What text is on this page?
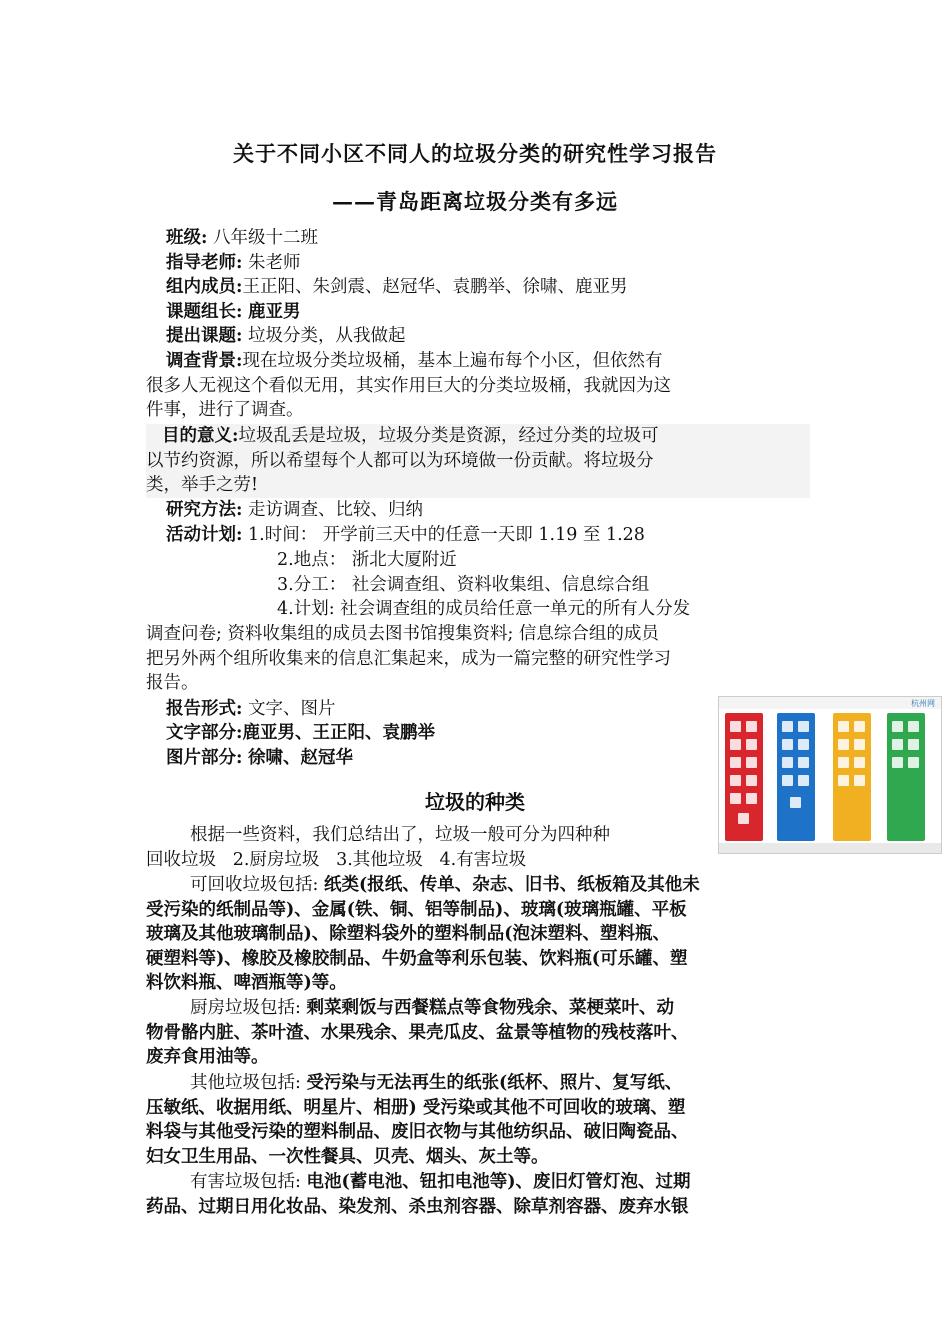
关于不同小区不同人的垃圾分类的研究性学习报告
——青岛距离垃圾分类有多远
班级: 八年级十二班
指导老师: 朱老师
组内成员:王正阳、朱剑震、赵冠华、袁鹏举、徐啸、鹿亚男
课题组长: 鹿亚男
提出课题: 垃圾分类，从我做起
调查背景:现在垃圾分类垃圾桶，基本上遍布每个小区，但依然有
很多人无视这个看似无用，其实作用巨大的分类垃圾桶，我就因为这
件事，进行了调查。
目的意义:垃圾乱丢是垃圾，垃圾分类是资源，经过分类的垃圾可
以节约资源，所以希望每个人都可以为环境做一份贡献。将垃圾分
类，举手之劳!
研究方法: 走访调查、比较、归纳
活动计划: 1.时间： 开学前三天中的任意一天即 1.19 至 1.28
2.地点： 浙北大厦附近
3.分工： 社会调查组、资料收集组、信息综合组
4.计划: 社会调查组的成员给任意一单元的所有人分发
调查问卷; 资料收集组的成员去图书馆搜集资料; 信息综合组的成员
把另外两个组所收集来的信息汇集起来，成为一篇完整的研究性学习
报告。
报告形式: 文字、图片
文字部分:鹿亚男、王正阳、袁鹏举
图片部分: 徐啸、赵冠华
垃圾的种类
根据一些资料，我们总结出了，垃圾一般可分为四种种
回收垃圾   2.厨房垃圾   3.其他垃圾   4.有害垃圾
可回收垃圾包括: 纸类(报纸、传单、杂志、旧书、纸板箱及其他未
受污染的纸制品等)、金属(铁、铜、铝等制品)、玻璃(玻璃瓶罐、平板
玻璃及其他玻璃制品)、除塑料袋外的塑料制品(泡沫塑料、塑料瓶、
硬塑料等)、橡胶及橡胶制品、牛奶盒等利乐包装、饮料瓶(可乐罐、塑
料饮料瓶、啤酒瓶等)等。
厨房垃圾包括: 剩菜剩饭与西餐糕点等食物残余、菜梗菜叶、动
物骨骼内脏、茶叶渣、水果残余、果壳瓜皮、盆景等植物的残枝落叶、
废弃食用油等。
其他垃圾包括: 受污染与无法再生的纸张(纸杯、照片、复写纸、
压敏纸、收据用纸、明星片、相册) 受污染或其他不可回收的玻璃、塑
料袋与其他受污染的塑料制品、废旧衣物与其他纺织品、破旧陶瓷品、
妇女卫生用品、一次性餐具、贝壳、烟头、灰土等。
有害垃圾包括: 电池(蓄电池、钮扣电池等)、废旧灯管灯泡、过期
药品、过期日用化妆品、染发剂、杀虫剂容器、除草剂容器、废弃水银
杭州网
